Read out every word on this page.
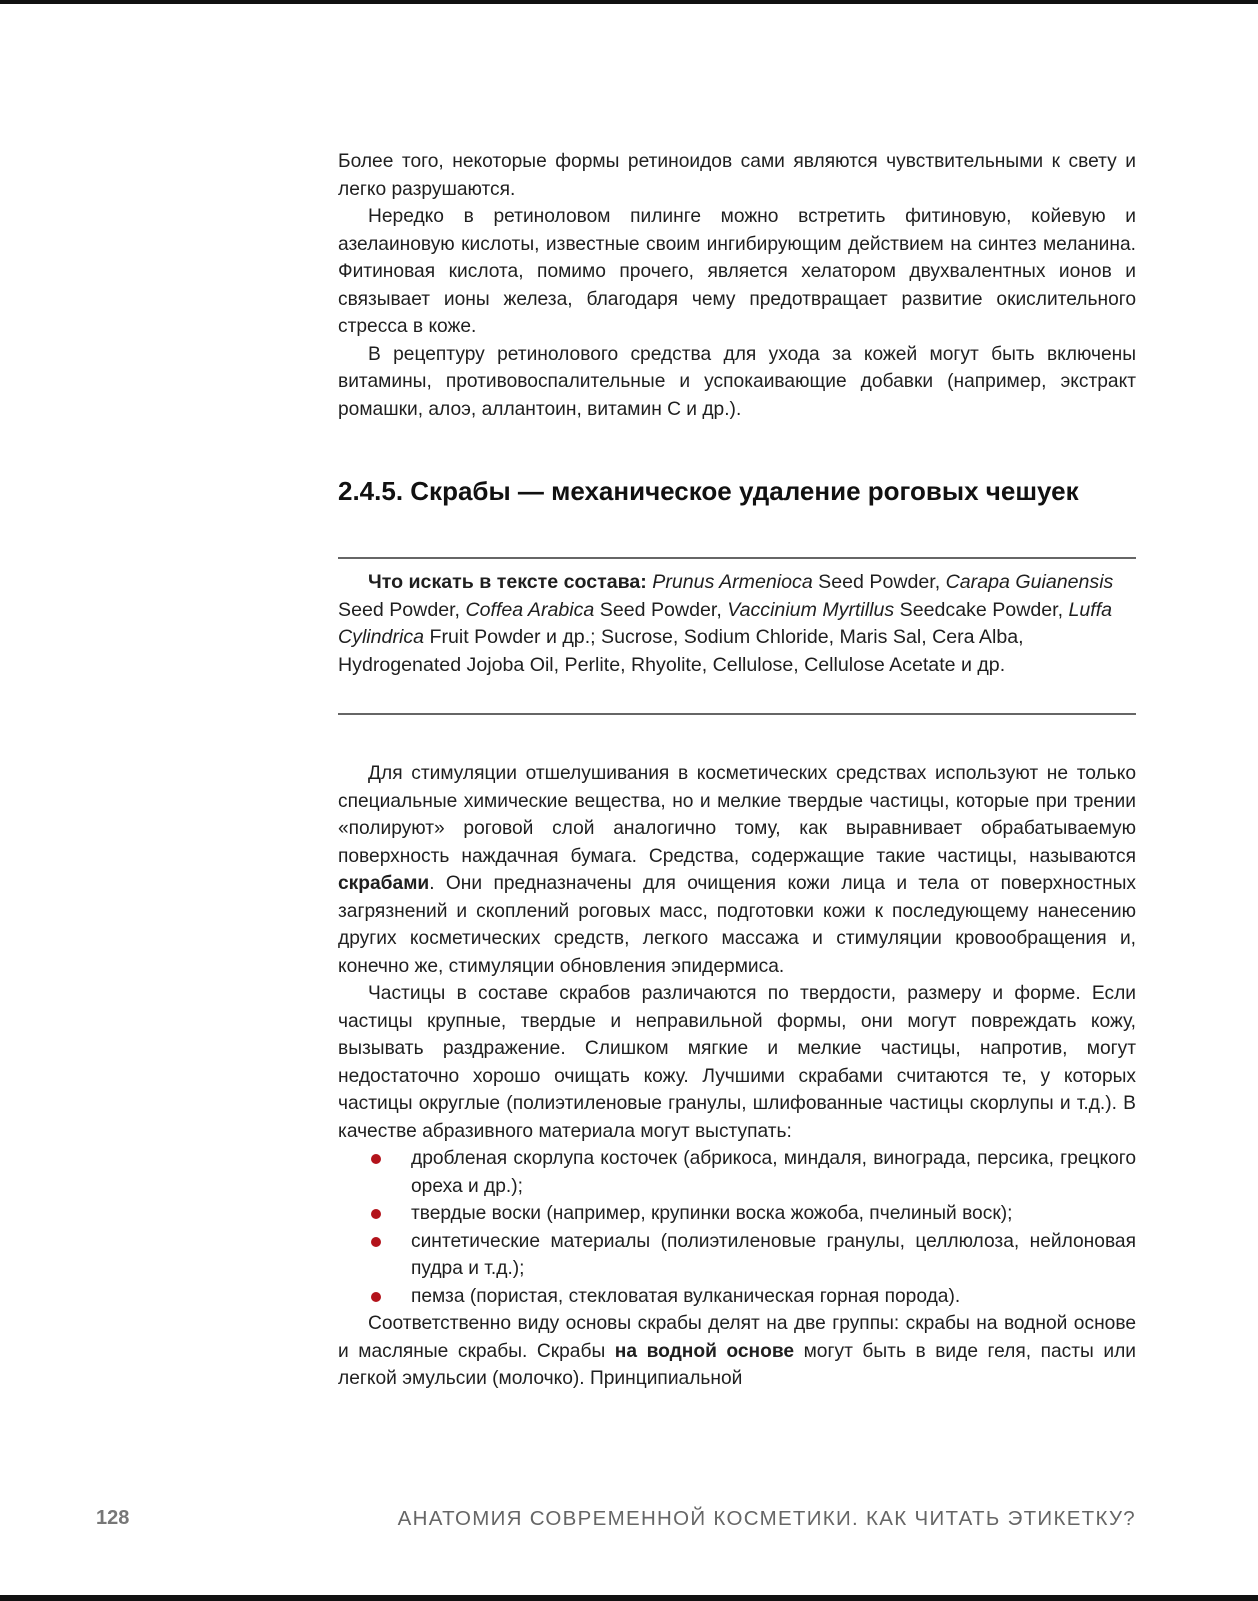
Более того, некоторые формы ретиноидов сами являются чувствительными к свету и легко разрушаются.

Нередко в ретиноловом пилинге можно встретить фитиновую, койевую и азелаиновую кислоты, известные своим ингибирующим действием на синтез меланина. Фитиновая кислота, помимо прочего, является хелатором двухвалентных ионов и связывает ионы железа, благодаря чему предотвращает развитие окислительного стресса в коже.

В рецептуру ретинолового средства для ухода за кожей могут быть включены витамины, противовоспалительные и успокаивающие добавки (например, экстракт ромашки, алоэ, аллантоин, витамин С и др.).

2.4.5. Скрабы — механическое удаление роговых чешуек

Что искать в тексте состава: Prunus Armenioca Seed Powder, Carapa Guianensis Seed Powder, Coffea Arabica Seed Powder, Vaccinium Myrtillus Seedcake Powder, Luffa Cylindrica Fruit Powder и др.; Sucrose, Sodium Chloride, Maris Sal, Cera Alba, Hydrogenated Jojoba Oil, Perlite, Rhyolite, Cellulose, Cellulose Acetate и др.

Для стимуляции отшелушивания в косметических средствах используют не только специальные химические вещества, но и мелкие твердые частицы, которые при трении «полируют» роговой слой аналогично тому, как выравнивает обрабатываемую поверхность наждачная бумага. Средства, содержащие такие частицы, называются скрабами. Они предназначены для очищения кожи лица и тела от поверхностных загрязнений и скоплений роговых масс, подготовки кожи к последующему нанесению других косметических средств, легкого массажа и стимуляции кровообращения и, конечно же, стимуляции обновления эпидермиса.

Частицы в составе скрабов различаются по твердости, размеру и форме. Если частицы крупные, твердые и неправильной формы, они могут повреждать кожу, вызывать раздражение. Слишком мягкие и мелкие частицы, напротив, могут недостаточно хорошо очищать кожу. Лучшими скрабами считаются те, у которых частицы округлые (полиэтиленовые гранулы, шлифованные частицы скорлупы и т.д.). В качестве абразивного материала могут выступать:

дробленая скорлупа косточек (абрикоса, миндаля, винограда, персика, грецкого ореха и др.);
твердые воски (например, крупинки воска жожоба, пчелиный воск);
синтетические материалы (полиэтиленовые гранулы, целлюлоза, нейлоновая пудра и т.д.);
пемза (пористая, стекловатая вулканическая горная порода).

Соответственно виду основы скрабы делят на две группы: скрабы на водной основе и масляные скрабы. Скрабы на водной основе могут быть в виде геля, пасты или легкой эмульсии (молочко). Принципиальной

128	АНАТОМИЯ СОВРЕМЕННОЙ КОСМЕТИКИ. КАК ЧИТАТЬ ЭТИКЕТКУ?
